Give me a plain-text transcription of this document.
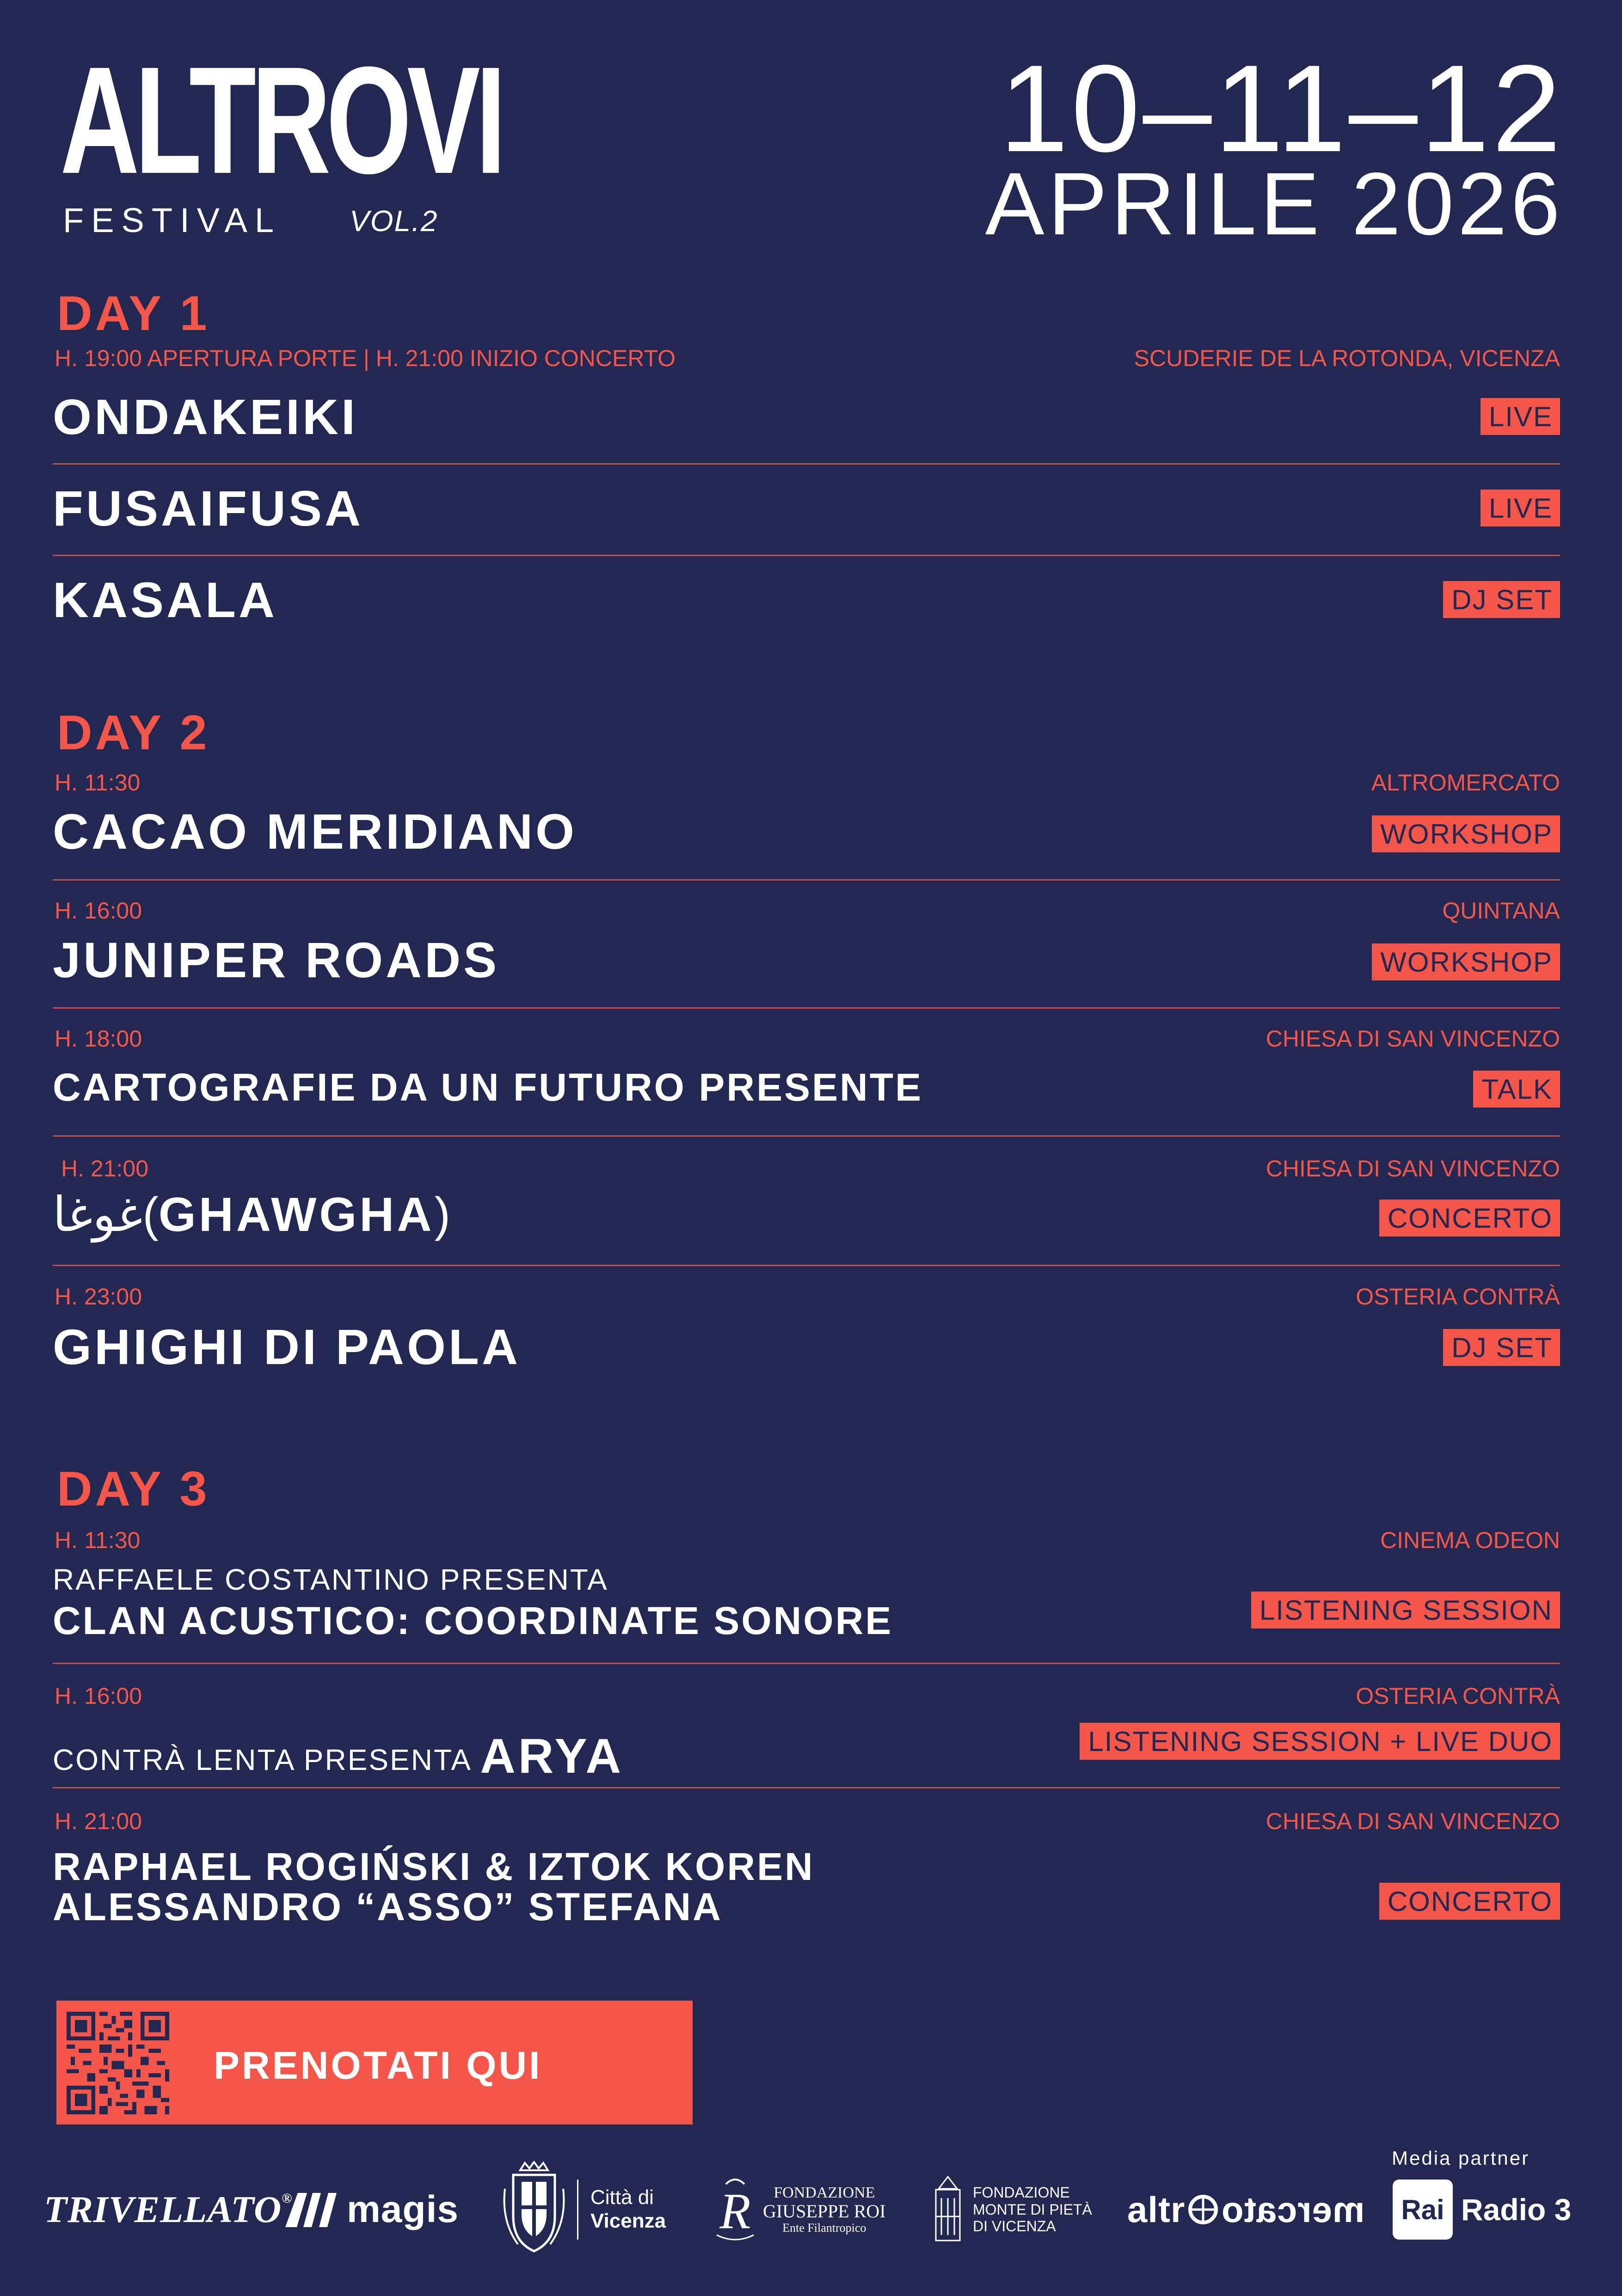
ALTROVI
FESTIVAL VOL.2
10–11–12
APRILE 2026
DAY 1
H. 19:00 APERTURA PORTE | H. 21:00 INIZIO CONCERTO	SCUDERIE DE LA ROTONDA, VICENZA
ONDAKEIKI	LIVE
FUSAIFUSA	LIVE
KASALA	DJ SET
DAY 2
H. 11:30	ALTROMERCATO
CACAO MERIDIANO	WORKSHOP
H. 16:00	QUINTANA
JUNIPER ROADS	WORKSHOP
H. 18:00	CHIESA DI SAN VINCENZO
CARTOGRAFIE DA UN FUTURO PRESENTE	TALK
H. 21:00	CHIESA DI SAN VINCENZO
غوغا(GHAWGHA)	CONCERTO
H. 23:00	OSTERIA CONTRÀ
GHIGHI DI PAOLA	DJ SET
DAY 3
H. 11:30	CINEMA ODEON
RAFFAELE COSTANTINO PRESENTA
CLAN ACUSTICO: COORDINATE SONORE	LISTENING SESSION
H. 16:00	OSTERIA CONTRÀ
CONTRÀ LENTA PRESENTA ARYA	LISTENING SESSION + LIVE DUO
H. 21:00	CHIESA DI SAN VINCENZO
RAPHAEL ROGIŃSKI & IZTOK KOREN
ALESSANDRO “ASSO” STEFANA	CONCERTO
PRENOTATI QUI
Media partner
TRIVELLATO ® magis	Città di
Vicenza R	FONDAZIONE
GIUSEPPE ROI
Ente Filantropico
FONDAZIONE
MONTE DI PIETÀ
DI VICENZA	altr mercato	Rai Radio 3
